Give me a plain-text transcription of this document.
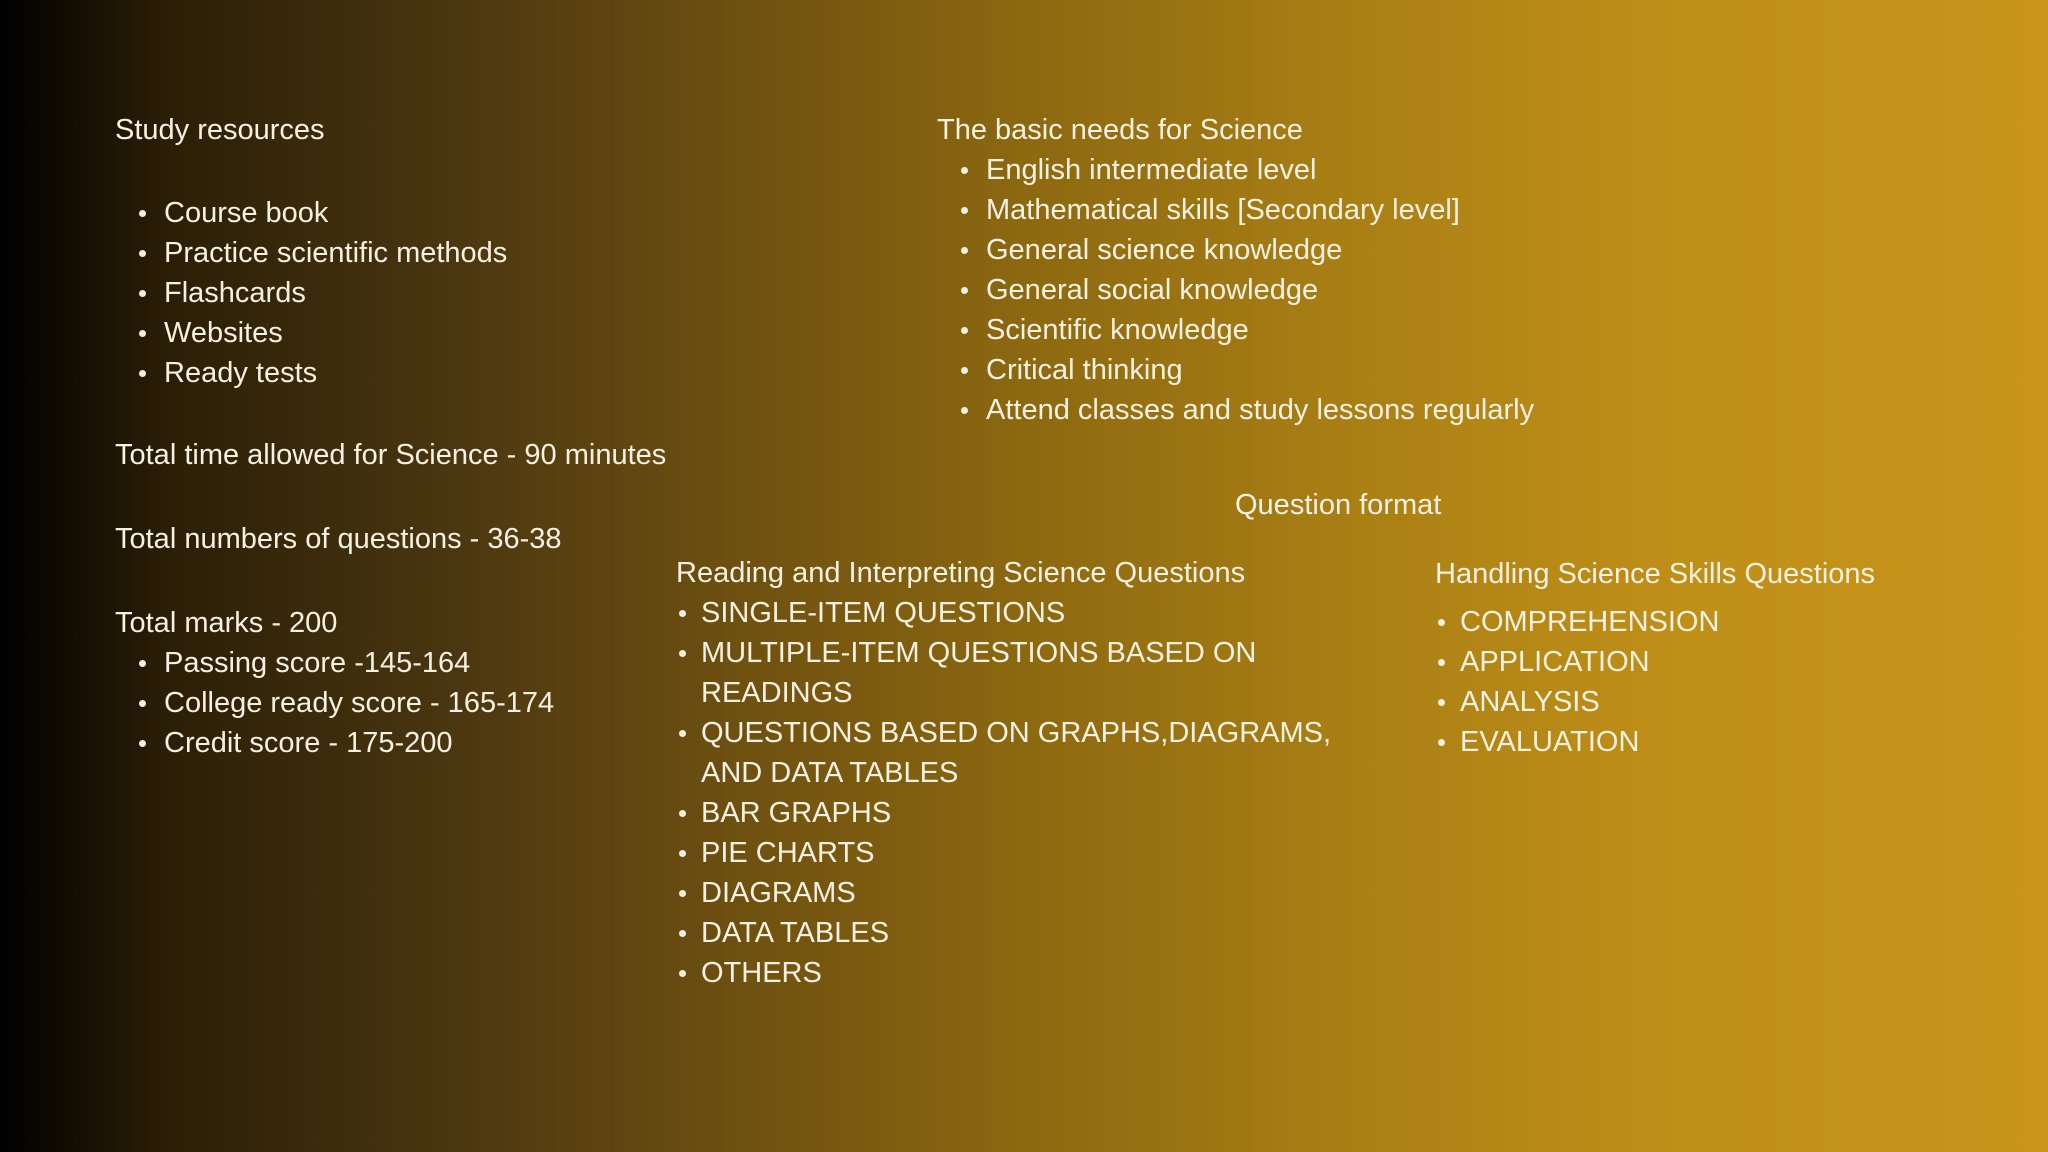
Study resources
Course book
Practice scientific methods
Flashcards
Websites
Ready tests
Total time allowed for Science - 90 minutes
Total numbers of questions - 36-38
Total marks - 200
Passing score -145-164
College ready score - 165-174
Credit score - 175-200
The basic needs for Science
English intermediate level
Mathematical skills [Secondary level]
General science knowledge
General social knowledge
Scientific knowledge
Critical thinking
Attend classes and study lessons regularly
Question format
Reading and Interpreting Science Questions
SINGLE-ITEM QUESTIONS
MULTIPLE-ITEM QUESTIONS BASED ON READINGS
QUESTIONS BASED ON GRAPHS,DIAGRAMS, AND DATA TABLES
BAR GRAPHS
PIE CHARTS
DIAGRAMS
DATA TABLES
OTHERS
Handling Science Skills Questions
COMPREHENSION
APPLICATION
ANALYSIS
EVALUATION
